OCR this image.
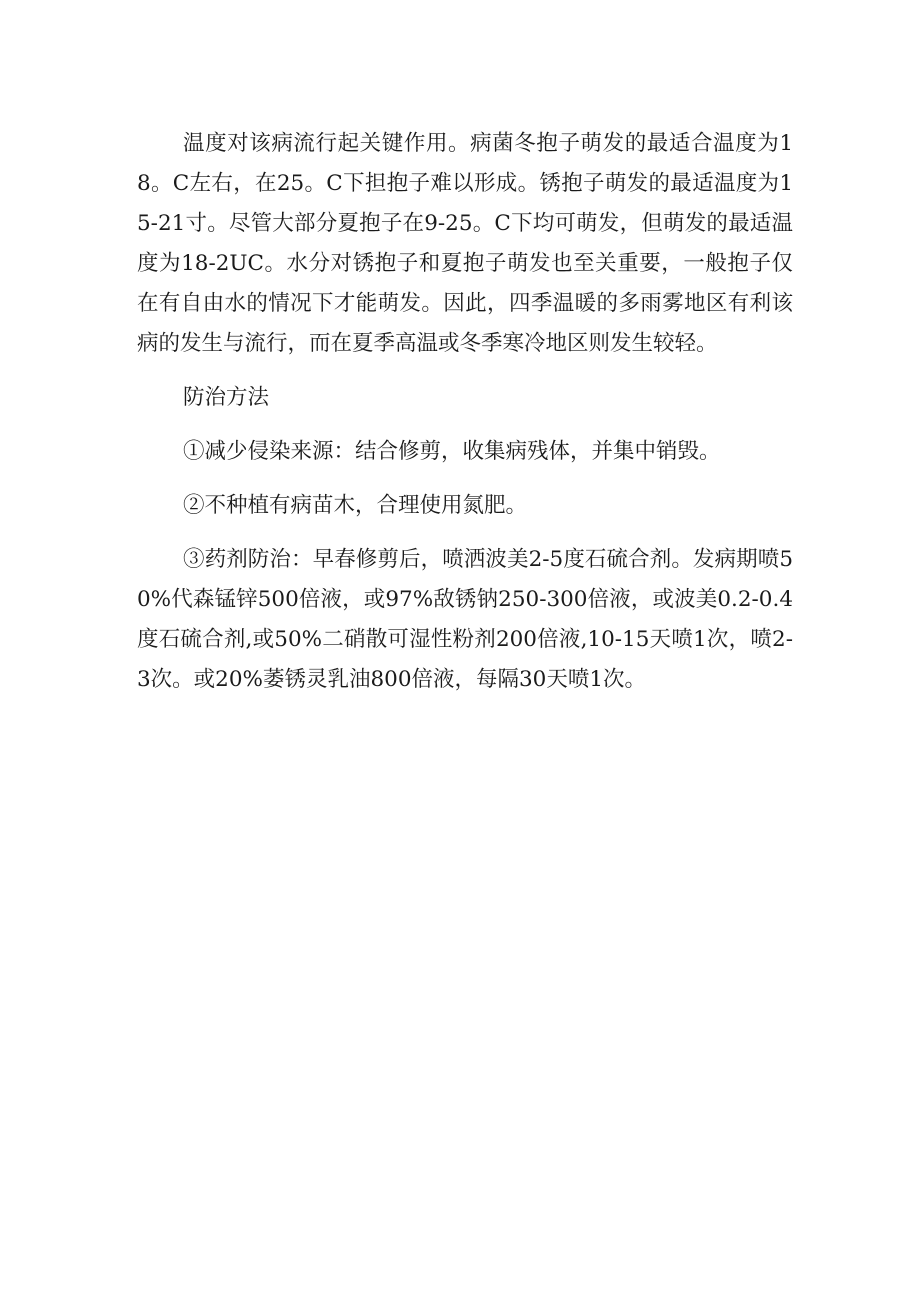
温度对该病流行起关键作用。病菌冬抱子萌发的最适合温度为18。C左右，在25。C下担抱子难以形成。锈抱子萌发的最适温度为15-21寸。尽管大部分夏抱子在9-25。C下均可萌发，但萌发的最适温度为18-2UC。水分对锈抱子和夏抱子萌发也至关重要，一般抱子仅在有自由水的情况下才能萌发。因此，四季温暖的多雨雾地区有利该病的发生与流行，而在夏季高温或冬季寒冷地区则发生较轻。

防治方法

①减少侵染来源：结合修剪，收集病残体，并集中销毁。

②不种植有病苗木，合理使用氮肥。

③药剂防治：早春修剪后，喷洒波美2-5度石硫合剂。发病期喷50%代森锰锌500倍液，或97%敌锈钠250-300倍液，或波美0.2-0.4度石硫合剂,或50%二硝散可湿性粉剂200倍液,10-15天喷1次，喷2-3次。或20%萎锈灵乳油800倍液，每隔30天喷1次。
